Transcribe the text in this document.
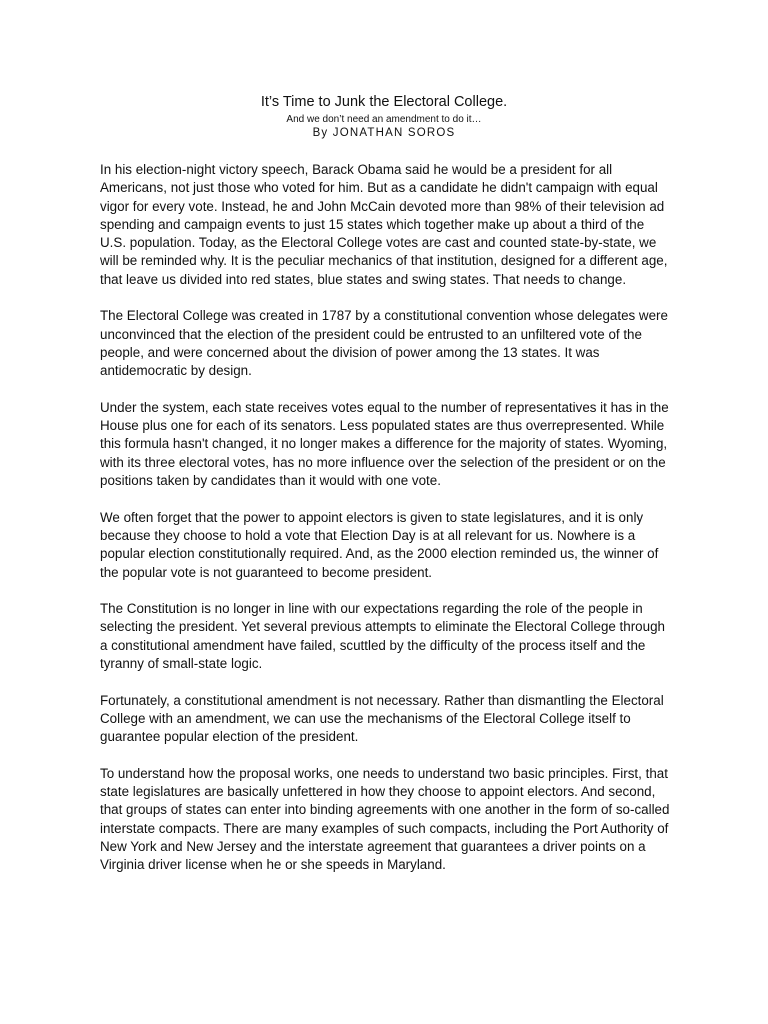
It’s Time to Junk the Electoral College.

And we don’t need an amendment to do it…

By JONATHAN SOROS

In his election-night victory speech, Barack Obama said he would be a president for all Americans, not just those who voted for him. But as a candidate he didn't campaign with equal vigor for every vote. Instead, he and John McCain devoted more than 98% of their television ad spending and campaign events to just 15 states which together make up about a third of the U.S. population. Today, as the Electoral College votes are cast and counted state-by-state, we will be reminded why. It is the peculiar mechanics of that institution, designed for a different age, that leave us divided into red states, blue states and swing states. That needs to change.

The Electoral College was created in 1787 by a constitutional convention whose delegates were unconvinced that the election of the president could be entrusted to an unfiltered vote of the people, and were concerned about the division of power among the 13 states. It was antidemocratic by design.

Under the system, each state receives votes equal to the number of representatives it has in the House plus one for each of its senators. Less populated states are thus overrepresented. While this formula hasn't changed, it no longer makes a difference for the majority of states. Wyoming, with its three electoral votes, has no more influence over the selection of the president or on the positions taken by candidates than it would with one vote.

We often forget that the power to appoint electors is given to state legislatures, and it is only because they choose to hold a vote that Election Day is at all relevant for us. Nowhere is a popular election constitutionally required. And, as the 2000 election reminded us, the winner of the popular vote is not guaranteed to become president.

The Constitution is no longer in line with our expectations regarding the role of the people in selecting the president. Yet several previous attempts to eliminate the Electoral College through a constitutional amendment have failed, scuttled by the difficulty of the process itself and the tyranny of small-state logic.

Fortunately, a constitutional amendment is not necessary. Rather than dismantling the Electoral College with an amendment, we can use the mechanisms of the Electoral College itself to guarantee popular election of the president.

To understand how the proposal works, one needs to understand two basic principles. First, that state legislatures are basically unfettered in how they choose to appoint electors. And second, that groups of states can enter into binding agreements with one another in the form of so-called interstate compacts. There are many examples of such compacts, including the Port Authority of New York and New Jersey and the interstate agreement that guarantees a driver points on a Virginia driver license when he or she speeds in Maryland.
